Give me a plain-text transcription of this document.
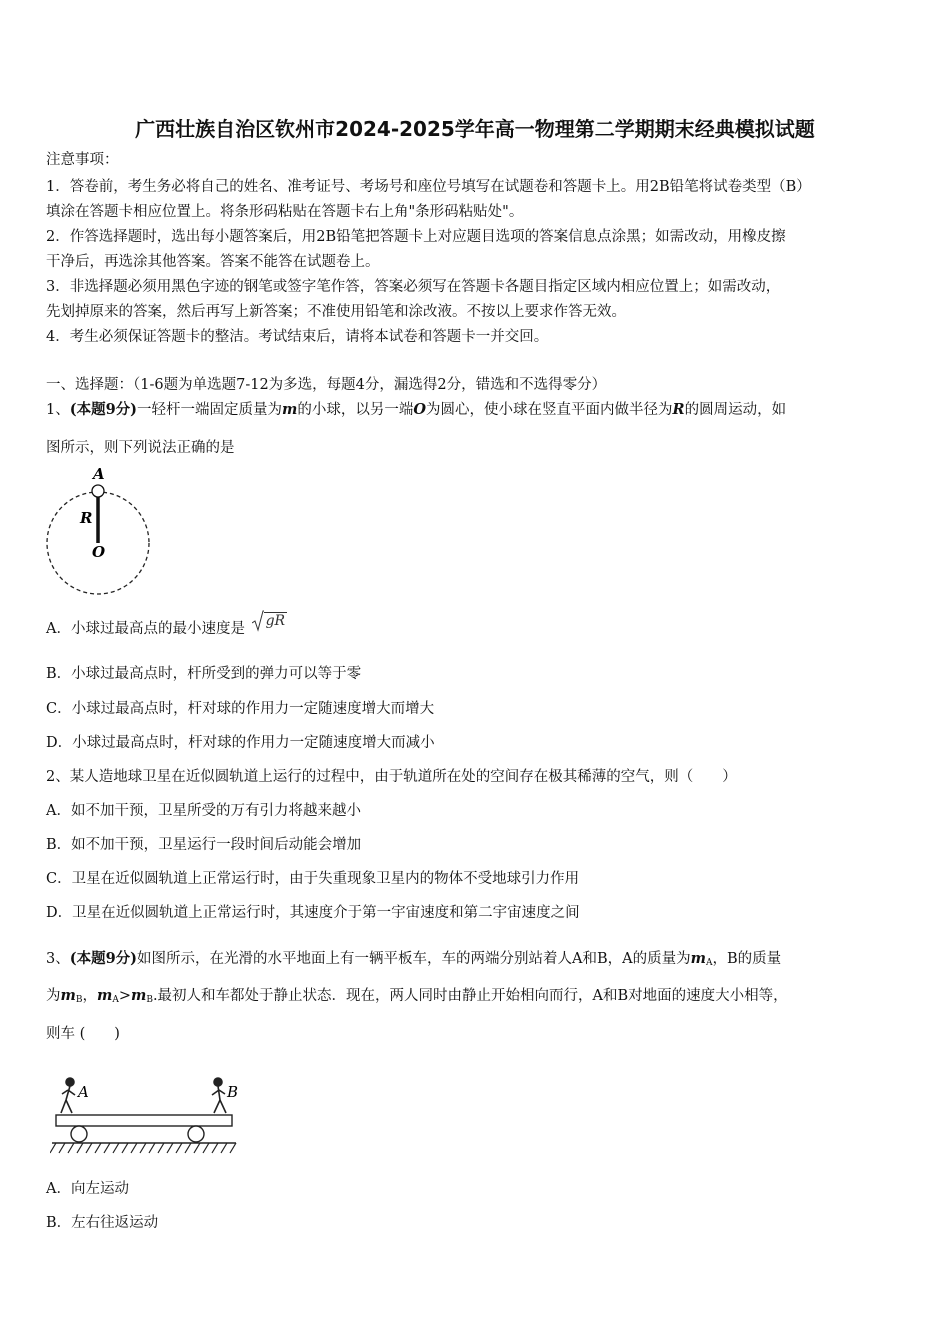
广西壮族自治区钦州市2024-2025学年高一物理第二学期期末经典模拟试题
注意事项：
1．答卷前，考生务必将自己的姓名、准考证号、考场号和座位号填写在试题卷和答题卡上。用2B铅笔将试卷类型（B）
填涂在答题卡相应位置上。将条形码粘贴在答题卡右上角"条形码粘贴处"。
2．作答选择题时，选出每小题答案后，用2B铅笔把答题卡上对应题目选项的答案信息点涂黑；如需改动，用橡皮擦
干净后，再选涂其他答案。答案不能答在试题卷上。
3．非选择题必须用黑色字迹的钢笔或签字笔作答，答案必须写在答题卡各题目指定区域内相应位置上；如需改动，
先划掉原来的答案，然后再写上新答案；不准使用铅笔和涂改液。不按以上要求作答无效。
4．考生必须保证答题卡的整洁。考试结束后，请将本试卷和答题卡一并交回。
一、选择题：（1-6题为单选题7-12为多选，每题4分，漏选得2分，错选和不选得零分）
1、(本题9分)一轻杆一端固定质量为m的小球，以另一端O为圆心，使小球在竖直平面内做半径为R的圆周运动，如
图所示，则下列说法正确的是
A
R
O
A．小球过最高点的最小速度是 gR
B．小球过最高点时，杆所受到的弹力可以等于零
C．小球过最高点时，杆对球的作用力一定随速度增大而增大
D．小球过最高点时，杆对球的作用力一定随速度增大而减小
2、某人造地球卫星在近似圆轨道上运行的过程中，由于轨道所在处的空间存在极其稀薄的空气，则（　　）
A．如不加干预，卫星所受的万有引力将越来越小
B．如不加干预，卫星运行一段时间后动能会增加
C．卫星在近似圆轨道上正常运行时，由于失重现象卫星内的物体不受地球引力作用
D．卫星在近似圆轨道上正常运行时，其速度介于第一宇宙速度和第二宇宙速度之间
3、(本题9分)如图所示，在光滑的水平地面上有一辆平板车，车的两端分别站着人A和B，A的质量为$m_A$，B的质量
为$m_B$，$m_A>m_B$.最初人和车都处于静止状态．现在，两人同时由静止开始相向而行，A和B对地面的速度大小相等，
则车 (　　)
A	B
A．向左运动
B．左右往返运动
